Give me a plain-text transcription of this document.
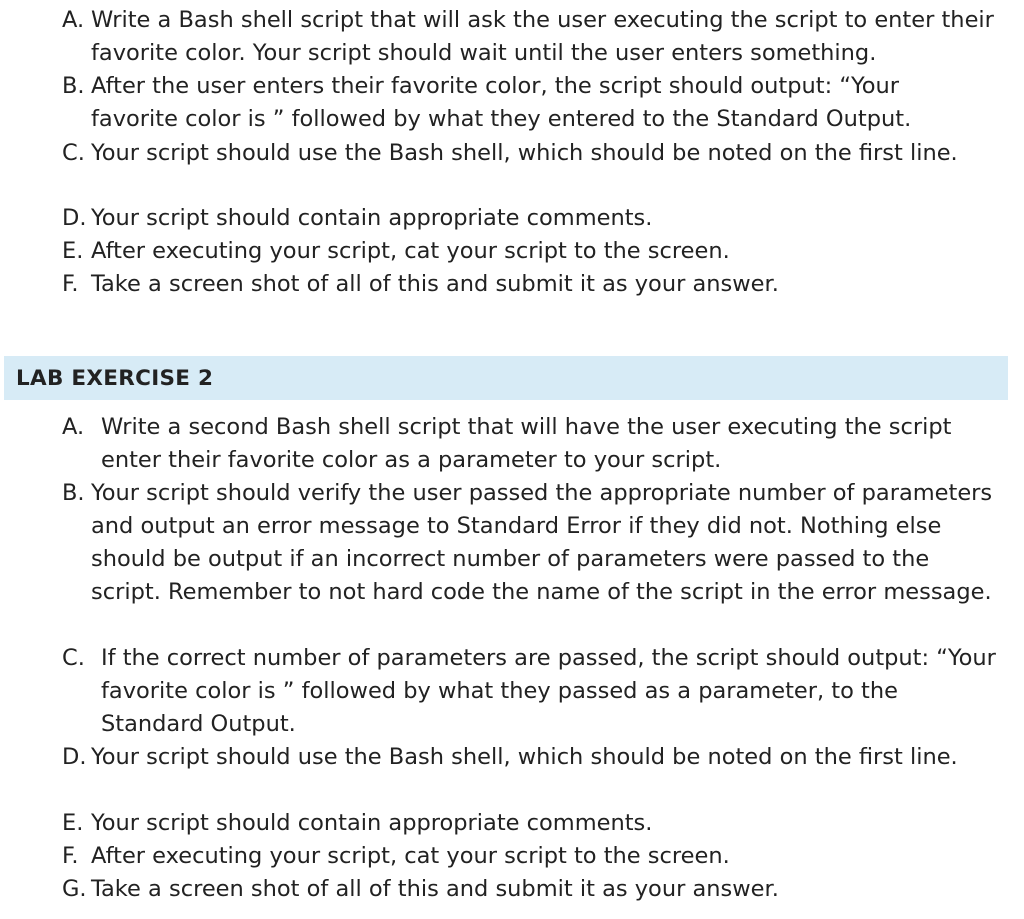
A. Write a Bash shell script that will ask the user executing the script to enter their favorite color. Your script should wait until the user enters something.
B. After the user enters their favorite color, the script should output: “Your favorite color is ” followed by what they entered to the Standard Output.
C. Your script should use the Bash shell, which should be noted on the first line.
D. Your script should contain appropriate comments.
E. After executing your script, cat your script to the screen.
F. Take a screen shot of all of this and submit it as your answer.
LAB EXERCISE 2
A. Write a second Bash shell script that will have the user executing the script enter their favorite color as a parameter to your script.
B. Your script should verify the user passed the appropriate number of parameters and output an error message to Standard Error if they did not. Nothing else should be output if an incorrect number of parameters were passed to the script. Remember to not hard code the name of the script in the error message.
C. If the correct number of parameters are passed, the script should output: “Your favorite color is ” followed by what they passed as a parameter, to the Standard Output.
D. Your script should use the Bash shell, which should be noted on the first line.
E. Your script should contain appropriate comments.
F. After executing your script, cat your script to the screen.
G. Take a screen shot of all of this and submit it as your answer.
